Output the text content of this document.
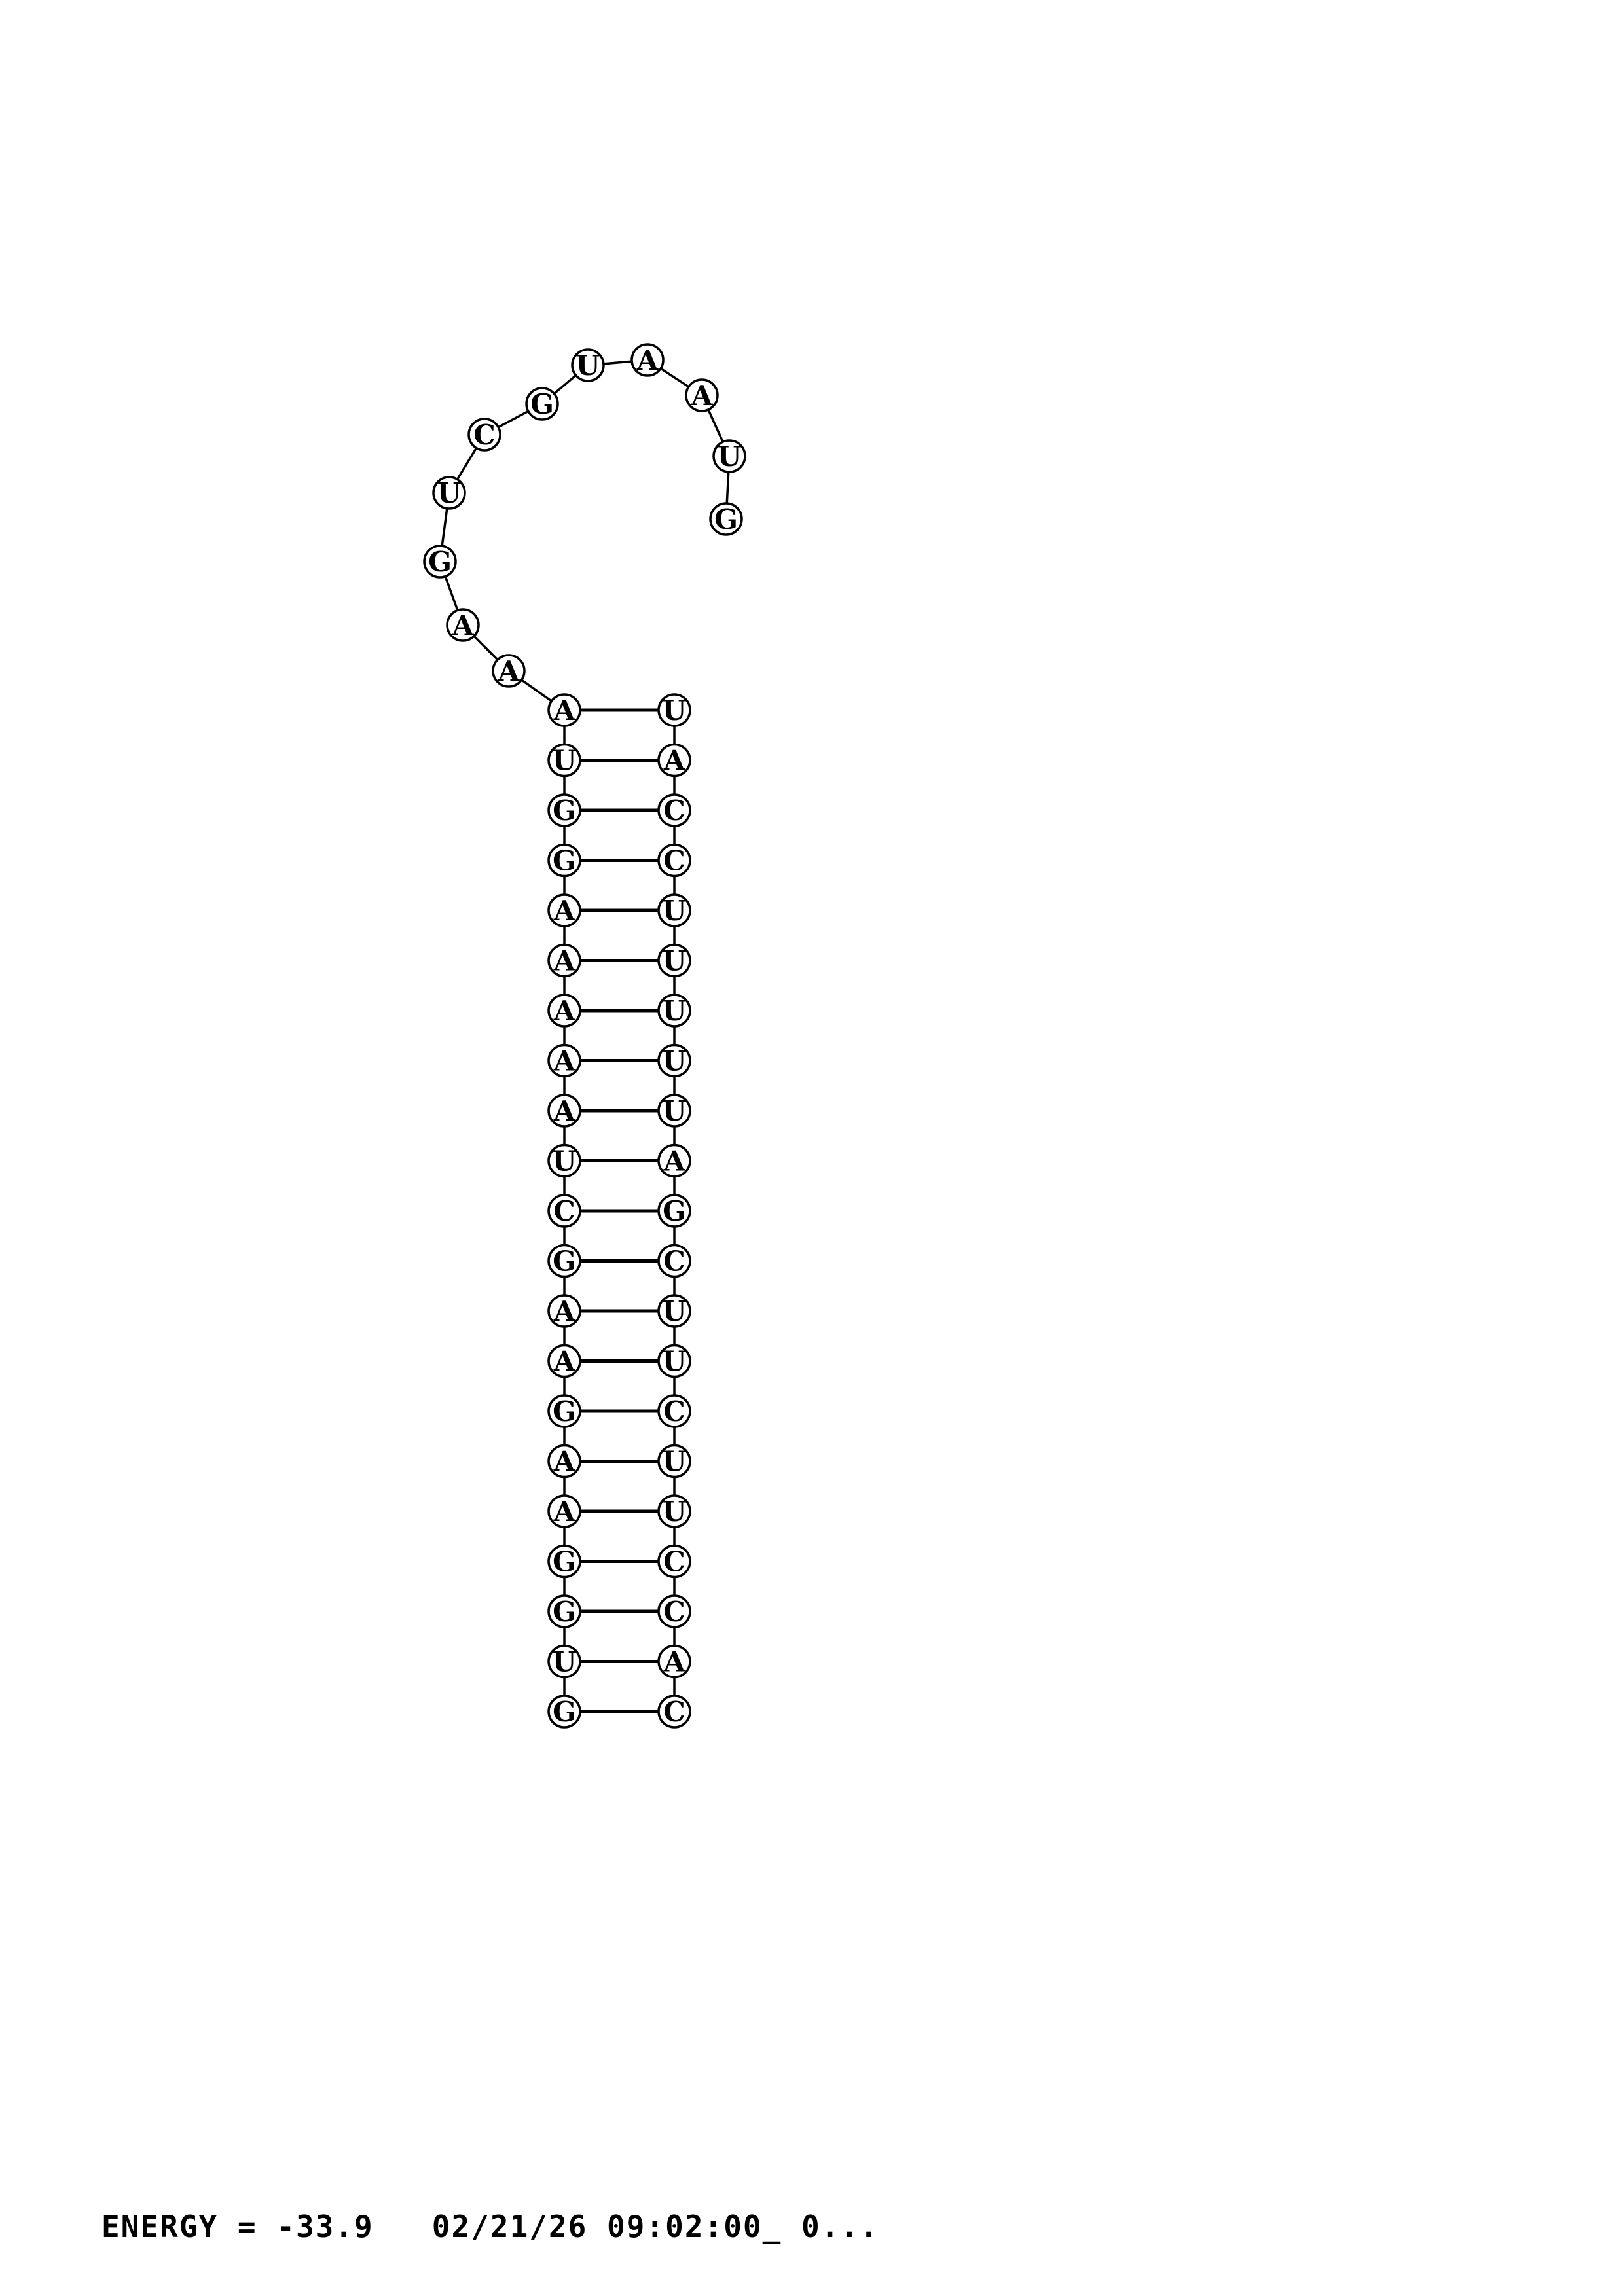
G
U A
A
U
G
C
U
G
A
A
A	U
U	A
G	C
G	C
A	U
A	U
A	U
A	U
A	U
U	A
C	G
G	C
A	U
A	U
G	C
A	U
A	U
G	C
G	C
U	A
G	C
ENERGY = -33.9   02/21/26 09:02:00_ 0...
